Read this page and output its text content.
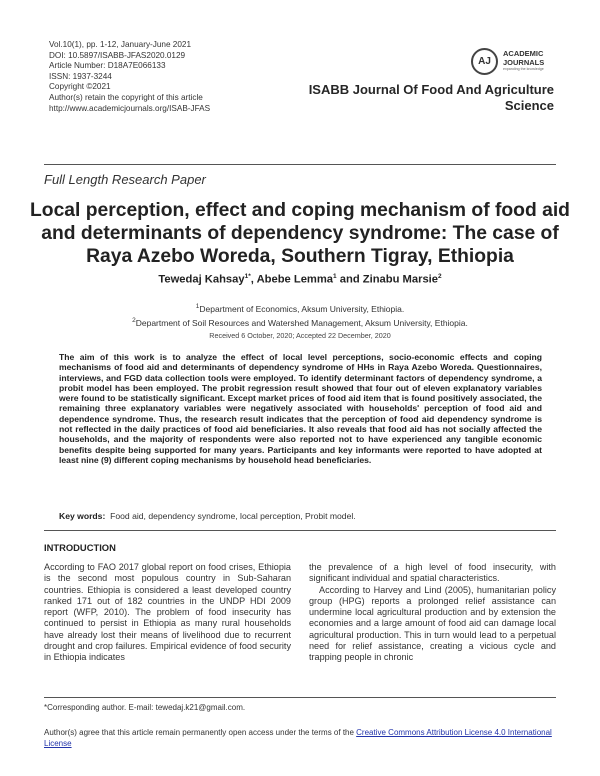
Vol.10(1), pp. 1-12, January-June 2021
DOI: 10.5897/ISABB-JFAS2020.0129
Article Number: D18A7E066133
ISSN: 1937-3244
Copyright ©2021
Author(s) retain the copyright of this article
http://www.academicjournals.org/ISAB-JFAS
AJ
ACADEMIC
JOURNALS
expanding the knowledge
ISABB Journal Of Food And Agriculture Science
Full Length Research Paper
Local perception, effect and coping mechanism of food aid and determinants of dependency syndrome: The case of Raya Azebo Woreda, Southern Tigray, Ethiopia
Tewedaj Kahsay$^{1*}$, Abebe Lemma$^1$ and Zinabu Marsie$^2$
$^1$Department of Economics, Aksum University, Ethiopia.
$^2$Department of Soil Resources and Watershed Management, Aksum University, Ethiopia.
Received 6 October, 2020; Accepted 22 December, 2020
The aim of this work is to analyze the effect of local level perceptions, socio-economic effects and coping mechanisms of food aid and determinants of dependency syndrome of HHs in Raya Azebo Woreda. Questionnaires, interviews, and FGD data collection tools were employed. To identify determinant factors of dependency syndrome, a probit model has been employed. The probit regression result showed that four out of eleven explanatory variables were found to be statistically significant. Except market prices of food aid item that is found positively associated, the remaining three explanatory variables were negatively associated with households' perception of food aid and dependence syndrome. Thus, the research result indicates that the perception of food aid dependency syndrome is not reflected in the daily practices of food aid beneficiaries. It also reveals that food aid has not socially affected the households, and the majority of respondents were also reported not to have experienced any tangible economic benefits despite being supported for many years. Participants and key informants were reported to have adopted at least nine (9) different coping mechanisms by household head beneficiaries.
Key words: Food aid, dependency syndrome, local perception, Probit model.
INTRODUCTION

According to FAO 2017 global report on food crises, Ethiopia is the second most populous country in Sub-Saharan countries. Ethiopia is considered a least developed country ranked 171 out of 182 countries in the UNDP HDI 2009 report (WFP, 2010). The problem of food insecurity has continued to persist in Ethiopia as many rural households have already lost their means of livelihood due to recurrent drought and crop failures. Empirical evidence of food security in Ethiopia indicates

the prevalence of a high level of food insecurity, with significant individual and spatial characteristics.

According to Harvey and Lind (2005), humanitarian policy group (HPG) reports a prolonged relief assistance can undermine local agricultural production and by extension the economies and a large amount of food aid can damage local agricultural production. This in turn would lead to a perpetual need for relief assistance, creating a vicious cycle and trapping people in chronic

*Corresponding author. E-mail: tewedaj.k21@gmail.com.
Author(s) agree that this article remain permanently open access under the terms of the Creative Commons Attribution License 4.0 International License
